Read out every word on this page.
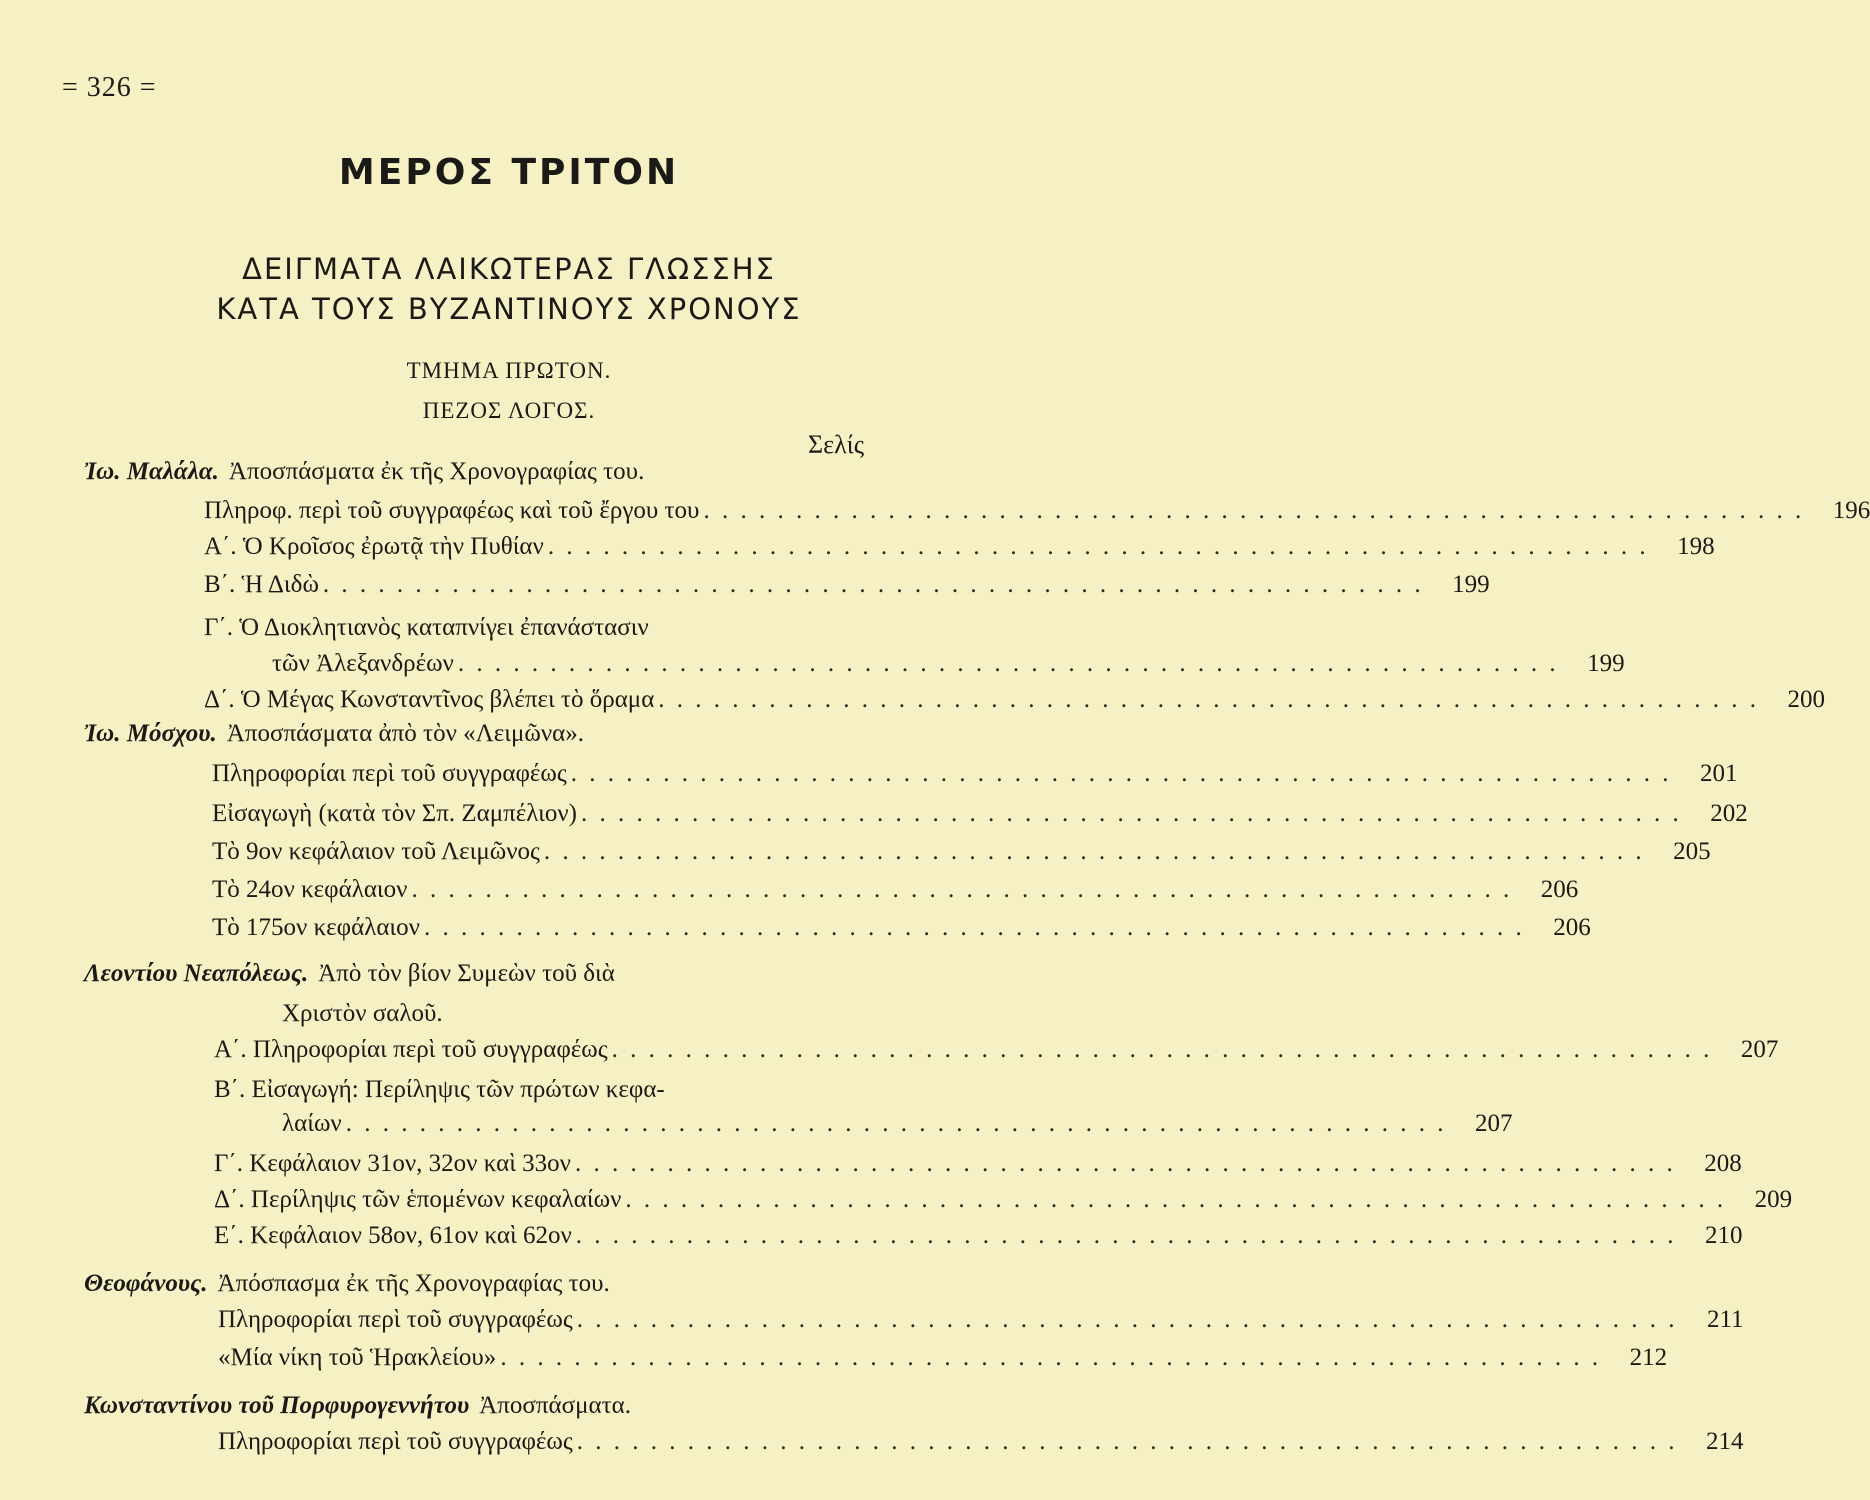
= 326 =
ΜΕΡΟΣ ΤΡΙΤΟΝ
ΔΕΙΓΜΑΤΑ ΛΑΙΚΩΤΕΡΑΣ ΓΛΩΣΣΗΣ
ΚΑΤΑ ΤΟΥΣ ΒΥΖΑΝΤΙΝΟΥΣ ΧΡΟΝΟΥΣ
ΤΜΗΜΑ ΠΡΩΤΟΝ.
ΠΕΖΟΣ ΛΟΓΟΣ.
Σελίς
Ἰω. Μαλάλα. Ἀποσπάσματα ἐκ τῆς Χρονογραφίας του.
Πληροφ. περὶ τοῦ συγγραφέως καὶ τοῦ ἔργου του . . . . . . . . . . . . . . . . . . . . . . . . . . . . . . . . . . . . . . . . . . . . . . . . . . . . . . . . . . . .	196
Α΄. Ὁ Κροῖσος ἐρωτᾷ τὴν Πυθίαν . . . . . . . . . . . . . . . . . . . . . . . . . . . . . . . . . . . . . . . . . . . . . . . . . . . . . . . . . . . .	198
Β΄. Ἡ Διδὼ . . . . . . . . . . . . . . . . . . . . . . . . . . . . . . . . . . . . . . . . . . . . . . . . . . . . . . . . . . . .	199
Γ΄. Ὁ Διοκλητιανὸς καταπνίγει ἐπανάστασιν
τῶν Ἀλεξανδρέων . . . . . . . . . . . . . . . . . . . . . . . . . . . . . . . . . . . . . . . . . . . . . . . . . . . . . . . . . . . .	199
Δ΄. Ὁ Μέγας Κωνσταντῖνος βλέπει τὸ ὅραμα . . . . . . . . . . . . . . . . . . . . . . . . . . . . . . . . . . . . . . . . . . . . . . . . . . . . . . . . . . . .	200
Ἰω. Μόσχου. Ἀποσπάσματα ἀπὸ τὸν «Λειμῶνα».
Πληροφορίαι περὶ τοῦ συγγραφέως . . . . . . . . . . . . . . . . . . . . . . . . . . . . . . . . . . . . . . . . . . . . . . . . . . . . . . . . . . . .	201
Εἰσαγωγὴ (κατὰ τὸν Σπ. Ζαμπέλιον) . . . . . . . . . . . . . . . . . . . . . . . . . . . . . . . . . . . . . . . . . . . . . . . . . . . . . . . . . . . .	202
Τὸ 9ον κεφάλαιον τοῦ Λειμῶνος . . . . . . . . . . . . . . . . . . . . . . . . . . . . . . . . . . . . . . . . . . . . . . . . . . . . . . . . . . . .	205
Τὸ 24ον κεφάλαιον . . . . . . . . . . . . . . . . . . . . . . . . . . . . . . . . . . . . . . . . . . . . . . . . . . . . . . . . . . . .	206
Τὸ 175ον κεφάλαιον . . . . . . . . . . . . . . . . . . . . . . . . . . . . . . . . . . . . . . . . . . . . . . . . . . . . . . . . . . . .	206
Λεοντίου Νεαπόλεως. Ἀπὸ τὸν βίον Συμεὼν τοῦ διὰ
Χριστὸν σαλοῦ.
Α΄. Πληροφορίαι περὶ τοῦ συγγραφέως . . . . . . . . . . . . . . . . . . . . . . . . . . . . . . . . . . . . . . . . . . . . . . . . . . . . . . . . . . . .	207
Β΄. Εἰσαγωγή: Περίληψις τῶν πρώτων κεφα-
λαίων . . . . . . . . . . . . . . . . . . . . . . . . . . . . . . . . . . . . . . . . . . . . . . . . . . . . . . . . . . . .	207
Γ΄. Κεφάλαιον 31ον, 32ον καὶ 33ον . . . . . . . . . . . . . . . . . . . . . . . . . . . . . . . . . . . . . . . . . . . . . . . . . . . . . . . . . . . .	208
Δ΄. Περίληψις τῶν ἑπομένων κεφαλαίων . . . . . . . . . . . . . . . . . . . . . . . . . . . . . . . . . . . . . . . . . . . . . . . . . . . . . . . . . . . .	209
Ε΄. Κεφάλαιον 58ον, 61ον καὶ 62ον . . . . . . . . . . . . . . . . . . . . . . . . . . . . . . . . . . . . . . . . . . . . . . . . . . . . . . . . . . . .	210
Θεοφάνους. Ἀπόσπασμα ἐκ τῆς Χρονογραφίας του.
Πληροφορίαι περὶ τοῦ συγγραφέως . . . . . . . . . . . . . . . . . . . . . . . . . . . . . . . . . . . . . . . . . . . . . . . . . . . . . . . . . . . .	211
«Μία νίκη τοῦ Ἡρακλείου» . . . . . . . . . . . . . . . . . . . . . . . . . . . . . . . . . . . . . . . . . . . . . . . . . . . . . . . . . . . .	212
Κωνσταντίνου τοῦ Πορφυρογεννήτου Ἀποσπάσματα.
Πληροφορίαι περὶ τοῦ συγγραφέως . . . . . . . . . . . . . . . . . . . . . . . . . . . . . . . . . . . . . . . . . . . . . . . . . . . . . . . . . . . .	214
